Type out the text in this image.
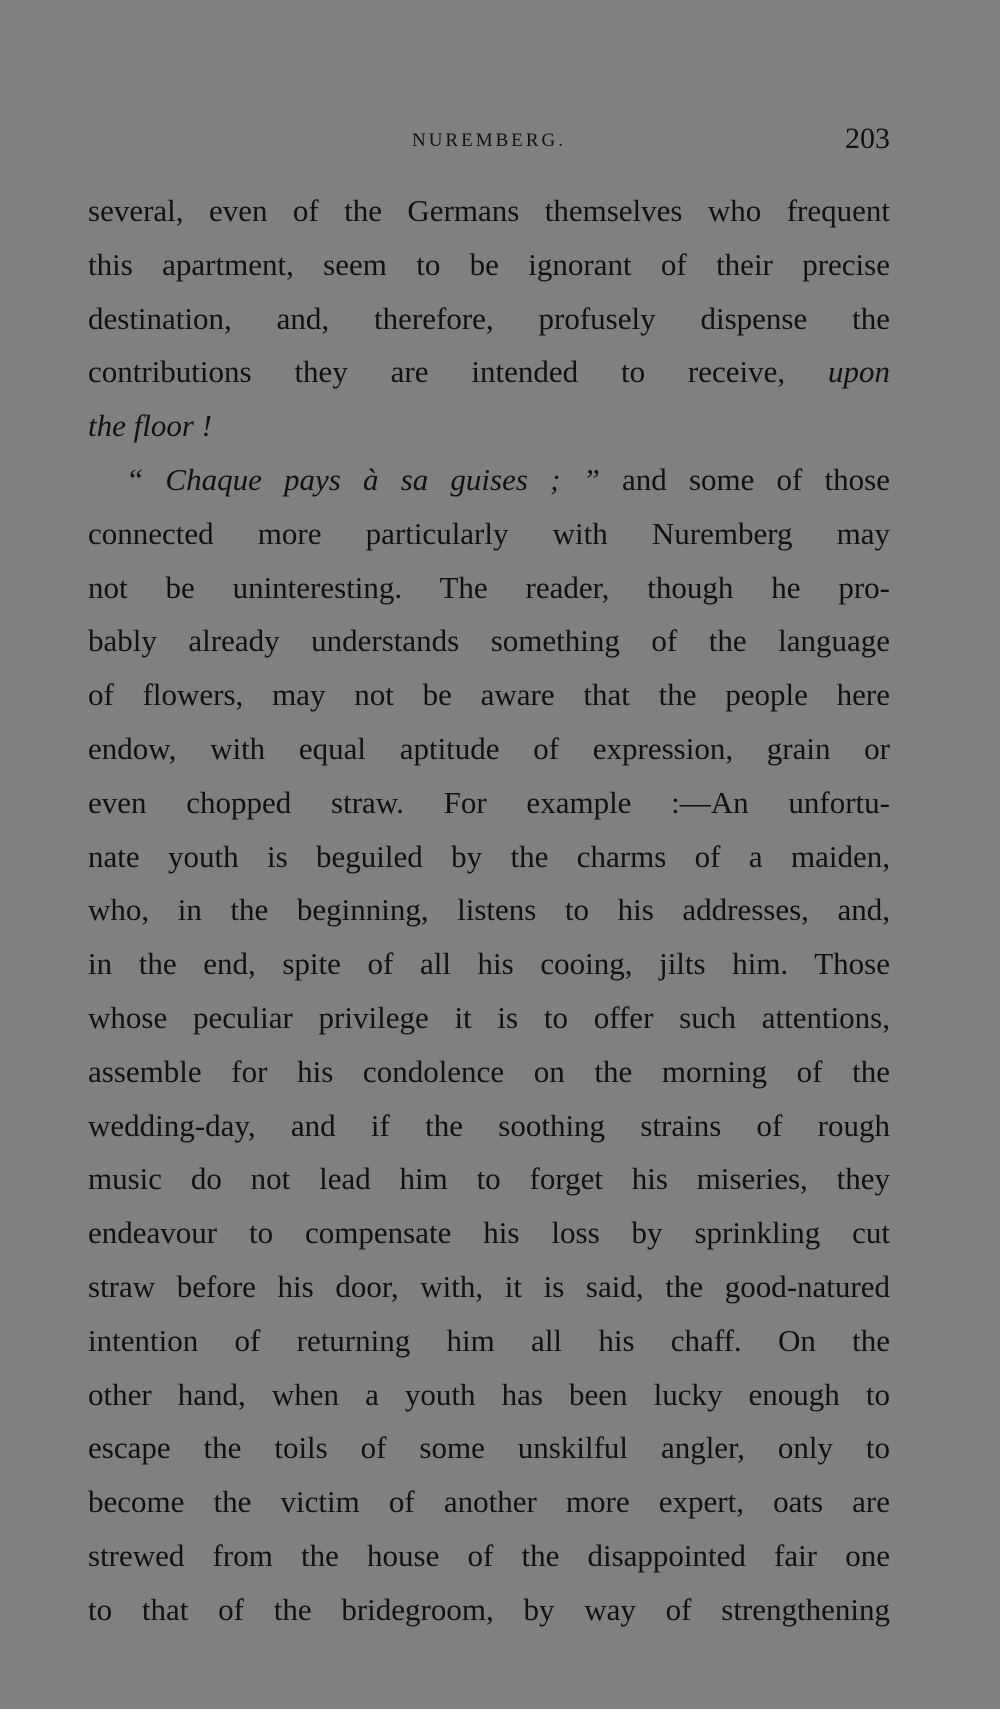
NUREMBERG.	203
several, even of the Germans themselves who frequent
this apartment, seem to be ignorant of their precise
destination, and, therefore, profusely dispense the
contributions they are intended to receive, upon
the floor !
“ Chaque pays à sa guises ; ” and some of those
connected more particularly with Nuremberg may
not be uninteresting. The reader, though he pro-
bably already understands something of the language
of flowers, may not be aware that the people here
endow, with equal aptitude of expression, grain or
even chopped straw. For example :—An unfortu-
nate youth is beguiled by the charms of a maiden,
who, in the beginning, listens to his addresses, and,
in the end, spite of all his cooing, jilts him. Those
whose peculiar privilege it is to offer such attentions,
assemble for his condolence on the morning of the
wedding-day, and if the soothing strains of rough
music do not lead him to forget his miseries, they
endeavour to compensate his loss by sprinkling cut
straw before his door, with, it is said, the good-natured
intention of returning him all his chaff. On the
other hand, when a youth has been lucky enough to
escape the toils of some unskilful angler, only to
become the victim of another more expert, oats are
strewed from the house of the disappointed fair one
to that of the bridegroom, by way of strengthening
